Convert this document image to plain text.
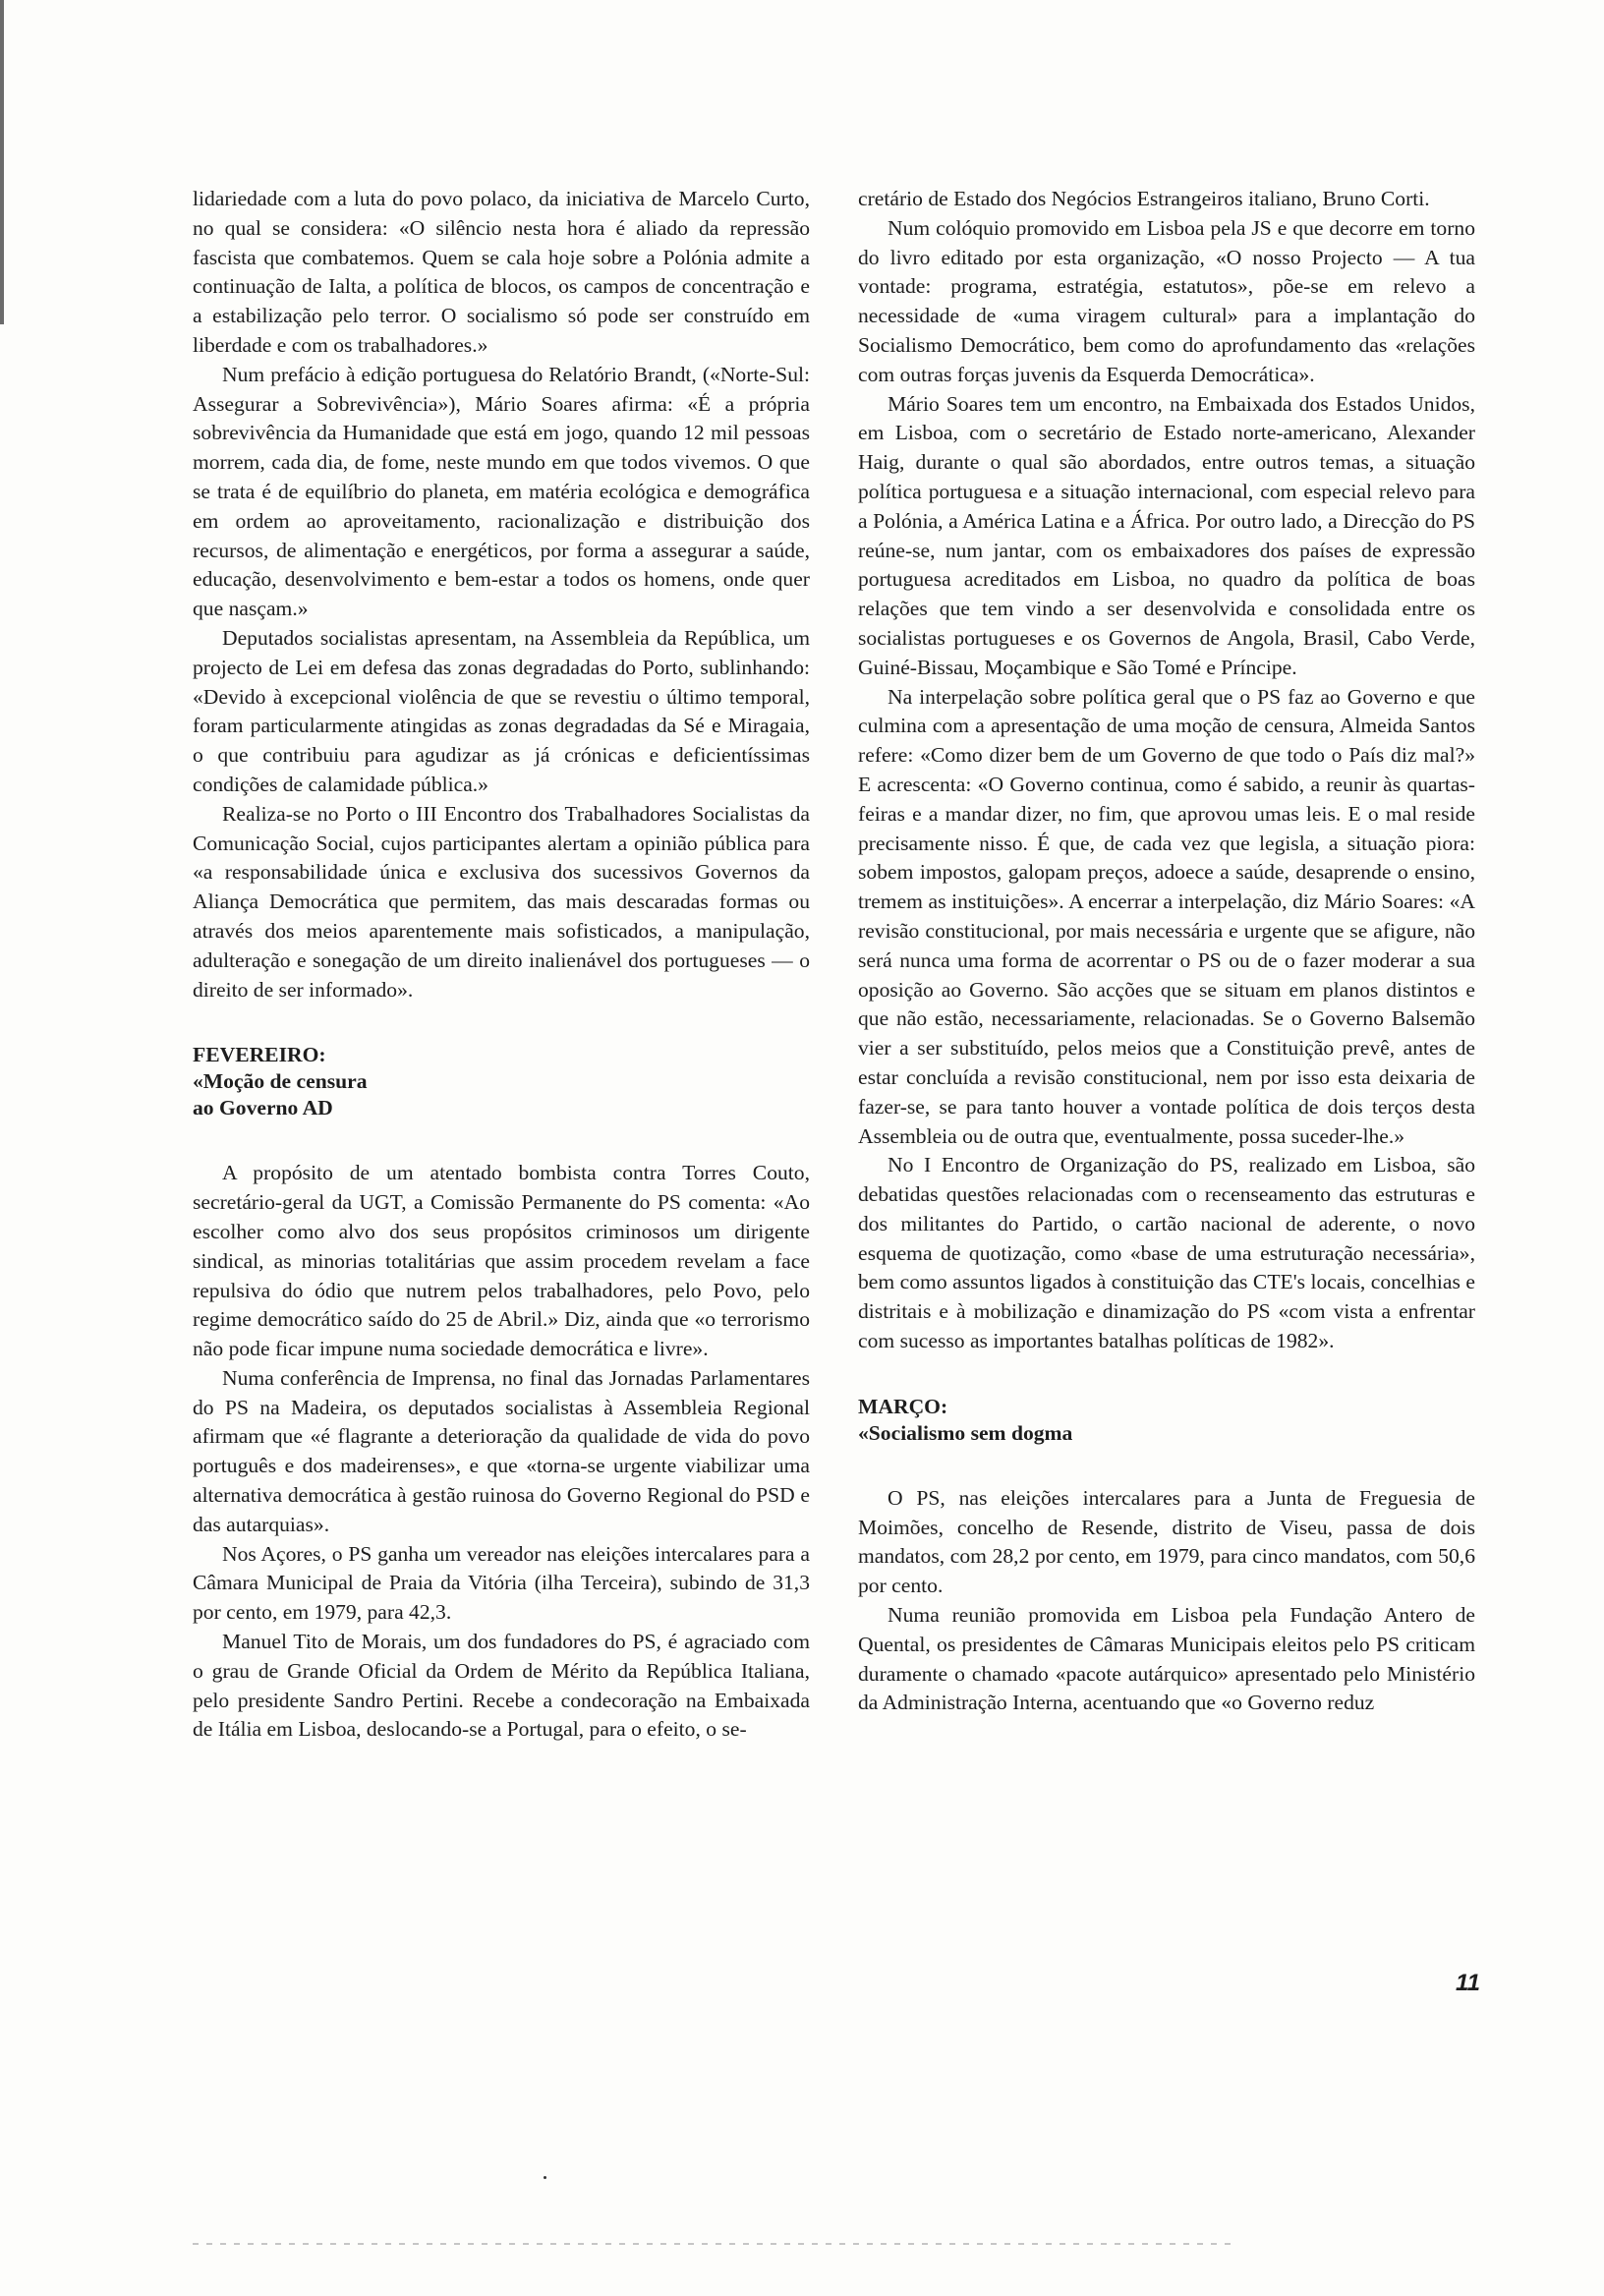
lidariedade com a luta do povo polaco, da iniciativa de Marcelo Curto, no qual se considera: «O silêncio nesta hora é aliado da repressão fascista que combatemos. Quem se cala hoje sobre a Polónia admite a continuação de Ialta, a política de blocos, os campos de concentração e a estabilização pelo terror. O socialismo só pode ser construído em liberdade e com os trabalhadores.»

Num prefácio à edição portuguesa do Relatório Brandt, («Norte-Sul: Assegurar a Sobrevivência»), Mário Soares afirma: «É a própria sobrevivência da Humanidade que está em jogo, quando 12 mil pessoas morrem, cada dia, de fome, neste mundo em que todos vivemos. O que se trata é de equilíbrio do planeta, em matéria ecológica e demográfica em ordem ao aproveitamento, racionalização e distribuição dos recursos, de alimentação e energéticos, por forma a assegurar a saúde, educação, desenvolvimento e bem-estar a todos os homens, onde quer que nasçam.»

Deputados socialistas apresentam, na Assembleia da República, um projecto de Lei em defesa das zonas degradadas do Porto, sublinhando: «Devido à excepcional violência de que se revestiu o último temporal, foram particularmente atingidas as zonas degradadas da Sé e Miragaia, o que contribuiu para agudizar as já crónicas e deficientíssimas condições de calamidade pública.»

Realiza-se no Porto o III Encontro dos Trabalhadores Socialistas da Comunicação Social, cujos participantes alertam a opinião pública para «a responsabilidade única e exclusiva dos sucessivos Governos da Aliança Democrática que permitem, das mais descaradas formas ou através dos meios aparentemente mais sofisticados, a manipulação, adulteração e sonegação de um direito inalienável dos portugueses — o direito de ser informado».

FEVEREIRO:
«Moção de censura
ao Governo AD

A propósito de um atentado bombista contra Torres Couto, secretário-geral da UGT, a Comissão Permanente do PS comenta: «Ao escolher como alvo dos seus propósitos criminosos um dirigente sindical, as minorias totalitárias que assim procedem revelam a face repulsiva do ódio que nutrem pelos trabalhadores, pelo Povo, pelo regime democrático saído do 25 de Abril.» Diz, ainda que «o terrorismo não pode ficar impune numa sociedade democrática e livre».

Numa conferência de Imprensa, no final das Jornadas Parlamentares do PS na Madeira, os deputados socialistas à Assembleia Regional afirmam que «é flagrante a deterioração da qualidade de vida do povo português e dos madeirenses», e que «torna-se urgente viabilizar uma alternativa democrática à gestão ruinosa do Governo Regional do PSD e das autarquias».

Nos Açores, o PS ganha um vereador nas eleições intercalares para a Câmara Municipal de Praia da Vitória (ilha Terceira), subindo de 31,3 por cento, em 1979, para 42,3.

Manuel Tito de Morais, um dos fundadores do PS, é agraciado com o grau de Grande Oficial da Ordem de Mérito da República Italiana, pelo presidente Sandro Pertini. Recebe a condecoração na Embaixada de Itália em Lisboa, deslocando-se a Portugal, para o efeito, o se-

cretário de Estado dos Negócios Estrangeiros italiano, Bruno Corti.

Num colóquio promovido em Lisboa pela JS e que decorre em torno do livro editado por esta organização, «O nosso Projecto — A tua vontade: programa, estratégia, estatutos», põe-se em relevo a necessidade de «uma viragem cultural» para a implantação do Socialismo Democrático, bem como do aprofundamento das «relações com outras forças juvenis da Esquerda Democrática».

Mário Soares tem um encontro, na Embaixada dos Estados Unidos, em Lisboa, com o secretário de Estado norte-americano, Alexander Haig, durante o qual são abordados, entre outros temas, a situação política portuguesa e a situação internacional, com especial relevo para a Polónia, a América Latina e a África. Por outro lado, a Direcção do PS reúne-se, num jantar, com os embaixadores dos países de expressão portuguesa acreditados em Lisboa, no quadro da política de boas relações que tem vindo a ser desenvolvida e consolidada entre os socialistas portugueses e os Governos de Angola, Brasil, Cabo Verde, Guiné-Bissau, Moçambique e São Tomé e Príncipe.

Na interpelação sobre política geral que o PS faz ao Governo e que culmina com a apresentação de uma moção de censura, Almeida Santos refere: «Como dizer bem de um Governo de que todo o País diz mal?» E acrescenta: «O Governo continua, como é sabido, a reunir às quartas-feiras e a mandar dizer, no fim, que aprovou umas leis. E o mal reside precisamente nisso. É que, de cada vez que legisla, a situação piora: sobem impostos, galopam preços, adoece a saúde, desaprende o ensino, tremem as instituições». A encerrar a interpelação, diz Mário Soares: «A revisão constitucional, por mais necessária e urgente que se afigure, não será nunca uma forma de acorrentar o PS ou de o fazer moderar a sua oposição ao Governo. São acções que se situam em planos distintos e que não estão, necessariamente, relacionadas. Se o Governo Balsemão vier a ser substituído, pelos meios que a Constituição prevê, antes de estar concluída a revisão constitucional, nem por isso esta deixaria de fazer-se, se para tanto houver a vontade política de dois terços desta Assembleia ou de outra que, eventualmente, possa suceder-lhe.»

No I Encontro de Organização do PS, realizado em Lisboa, são debatidas questões relacionadas com o recenseamento das estruturas e dos militantes do Partido, o cartão nacional de aderente, o novo esquema de quotização, como «base de uma estruturação necessária», bem como assuntos ligados à constituição das CTE's locais, concelhias e distritais e à mobilização e dinamização do PS «com vista a enfrentar com sucesso as importantes batalhas políticas de 1982».

MARÇO:
«Socialismo sem dogma

O PS, nas eleições intercalares para a Junta de Freguesia de Moimões, concelho de Resende, distrito de Viseu, passa de dois mandatos, com 28,2 por cento, em 1979, para cinco mandatos, com 50,6 por cento.

Numa reunião promovida em Lisboa pela Fundação Antero de Quental, os presidentes de Câmaras Municipais eleitos pelo PS criticam duramente o chamado «pacote autárquico» apresentado pelo Ministério da Administração Interna, acentuando que «o Governo reduz

11
